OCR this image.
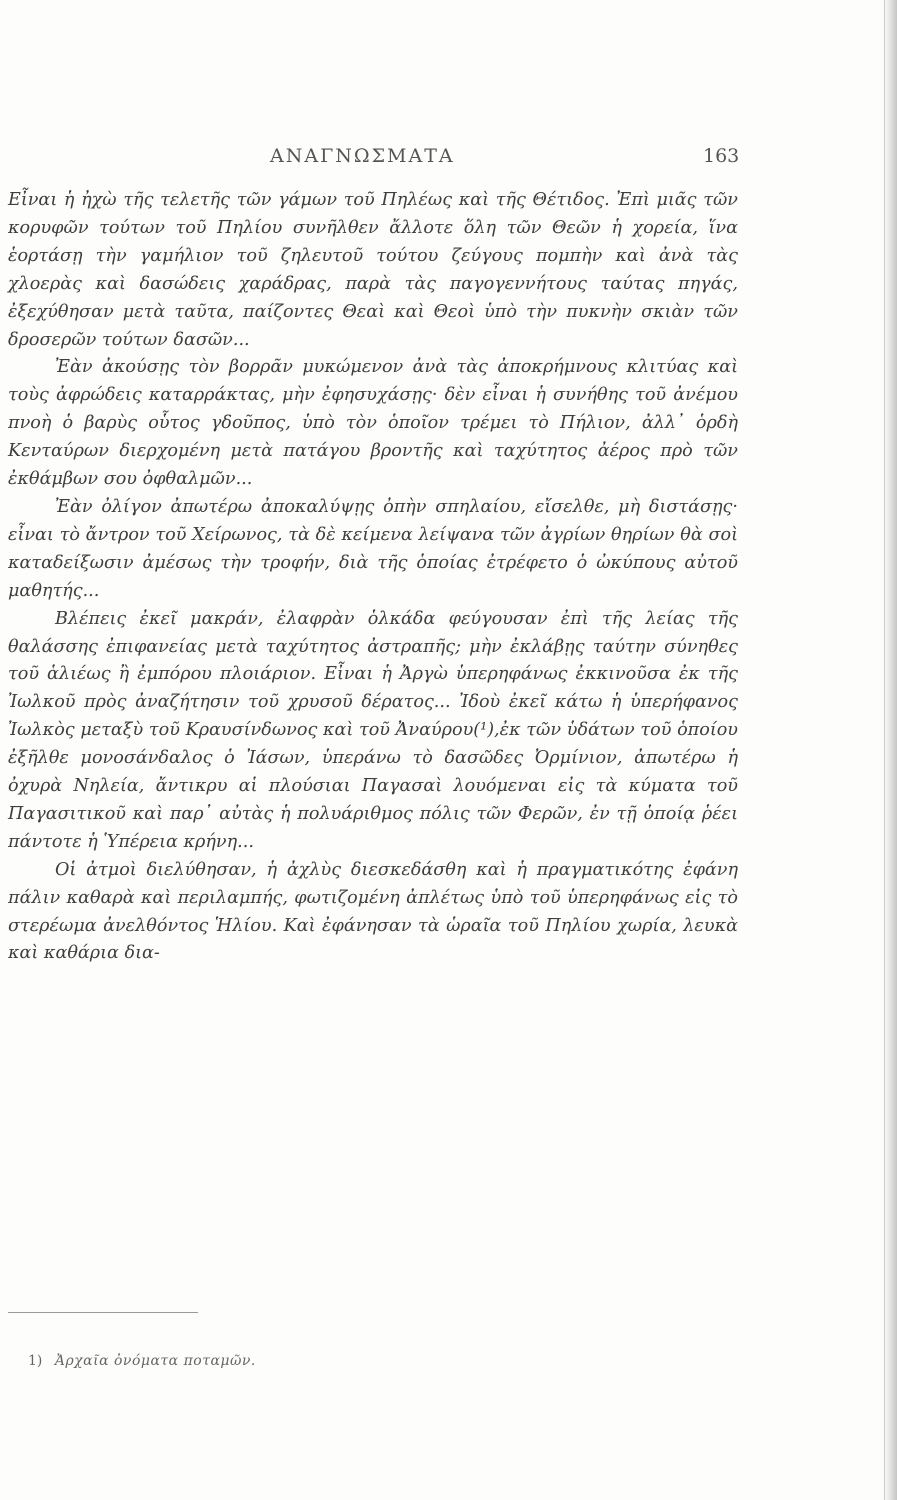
ΑΝΑΓΝΩΣΜΑΤΑ	163

Εἶναι ἡ ἠχὼ τῆς τελετῆς τῶν γάμων τοῦ Πηλέως καὶ τῆς Θέτιδος. Ἐπὶ μιᾶς τῶν κορυφῶν τούτων τοῦ Πηλίου συνῆλθεν ἄλλοτε ὅλη τῶν Θεῶν ἡ χορεία, ἵνα ἑορτάσῃ τὴν γαμήλιον τοῦ ζηλευτοῦ τούτου ζεύγους πομπὴν καὶ ἀνὰ τὰς χλοερὰς καὶ δασώδεις χαράδρας, παρὰ τὰς παγογεννήτους ταύτας πηγάς, ἐξεχύθησαν μετὰ ταῦτα, παίζοντες Θεαὶ καὶ Θεοὶ ὑπὸ τὴν πυκνὴν σκιὰν τῶν δροσερῶν τούτων δασῶν...

Ἐὰν ἀκούσῃς τὸν βορρᾶν μυκώμενον ἀνὰ τὰς ἀποκρήμνους κλιτύας καὶ τοὺς ἀφρώδεις καταρράκτας, μὴν ἐφησυχάσῃς· δὲν εἶναι ἡ συνήθης τοῦ ἀνέμου πνοὴ ὁ βαρὺς οὗτος γδοῦπος, ὑπὸ τὸν ὁποῖον τρέμει τὸ Πήλιον, ἀλλ᾽ ὁρδὴ Κενταύρων διερχομένη μετὰ πατάγου βροντῆς καὶ ταχύτητος ἀέρος πρὸ τῶν ἐκθάμβων σου ὀφθαλμῶν...

Ἐὰν ὀλίγον ἀπωτέρω ἀποκαλύψῃς ὀπὴν σπηλαίου, εἴσελθε, μὴ διστάσῃς· εἶναι τὸ ἄντρον τοῦ Χείρωνος, τὰ δὲ κείμενα λείψανα τῶν ἀγρίων θηρίων θὰ σοὶ καταδείξωσιν ἀμέσως τὴν τροφήν, διὰ τῆς ὁποίας ἐτρέφετο ὁ ὠκύπους αὐτοῦ μαθητής...

Βλέπεις ἐκεῖ μακράν, ἐλαφρὰν ὁλκάδα φεύγουσαν ἐπὶ τῆς λείας τῆς θαλάσσης ἐπιφανείας μετὰ ταχύτητος ἀστραπῆς; μὴν ἐκλάβῃς ταύτην σύνηθες τοῦ ἁλιέως ἢ ἐμπόρου πλοιάριον. Εἶναι ἡ Ἀργὼ ὑπερηφάνως ἐκκινοῦσα ἐκ τῆς Ἰωλκοῦ πρὸς ἀναζήτησιν τοῦ χρυσοῦ δέρατος... Ἰδοὺ ἐκεῖ κάτω ἡ ὑπερήφανος Ἰωλκὸς μεταξὺ τοῦ Κραυσίνδωνος καὶ τοῦ Ἀναύρου(¹),ἐκ τῶν ὑδάτων τοῦ ὁποίου ἐξῆλθε μονοσάνδαλος ὁ Ἰάσων, ὑπεράνω τὸ δασῶδες Ὀρμίνιον, ἀπωτέρω ἡ ὀχυρὰ Νηλεία, ἄντικρυ αἱ πλούσιαι Παγασαὶ λουόμεναι εἰς τὰ κύματα τοῦ Παγασιτικοῦ καὶ παρ᾽ αὐτὰς ἡ πολυάριθμος πόλις τῶν Φερῶν, ἐν τῇ ὁποίᾳ ῥέει πάντοτε ἡ Ὑπέρεια κρήνη...

Οἱ ἀτμοὶ διελύθησαν, ἡ ἀχλὺς διεσκεδάσθη καὶ ἡ πραγματικότης ἐφάνη πάλιν καθαρὰ καὶ περιλαμπής, φωτιζομένη ἀπλέτως ὑπὸ τοῦ ὑπερηφάνως εἰς τὸ στερέωμα ἀνελθόντος Ἡλίου. Καὶ ἐφάνησαν τὰ ὡραῖα τοῦ Πηλίου χωρία, λευκὰ καὶ καθάρια δια-

1) Ἀρχαῖα ὀνόματα ποταμῶν.
